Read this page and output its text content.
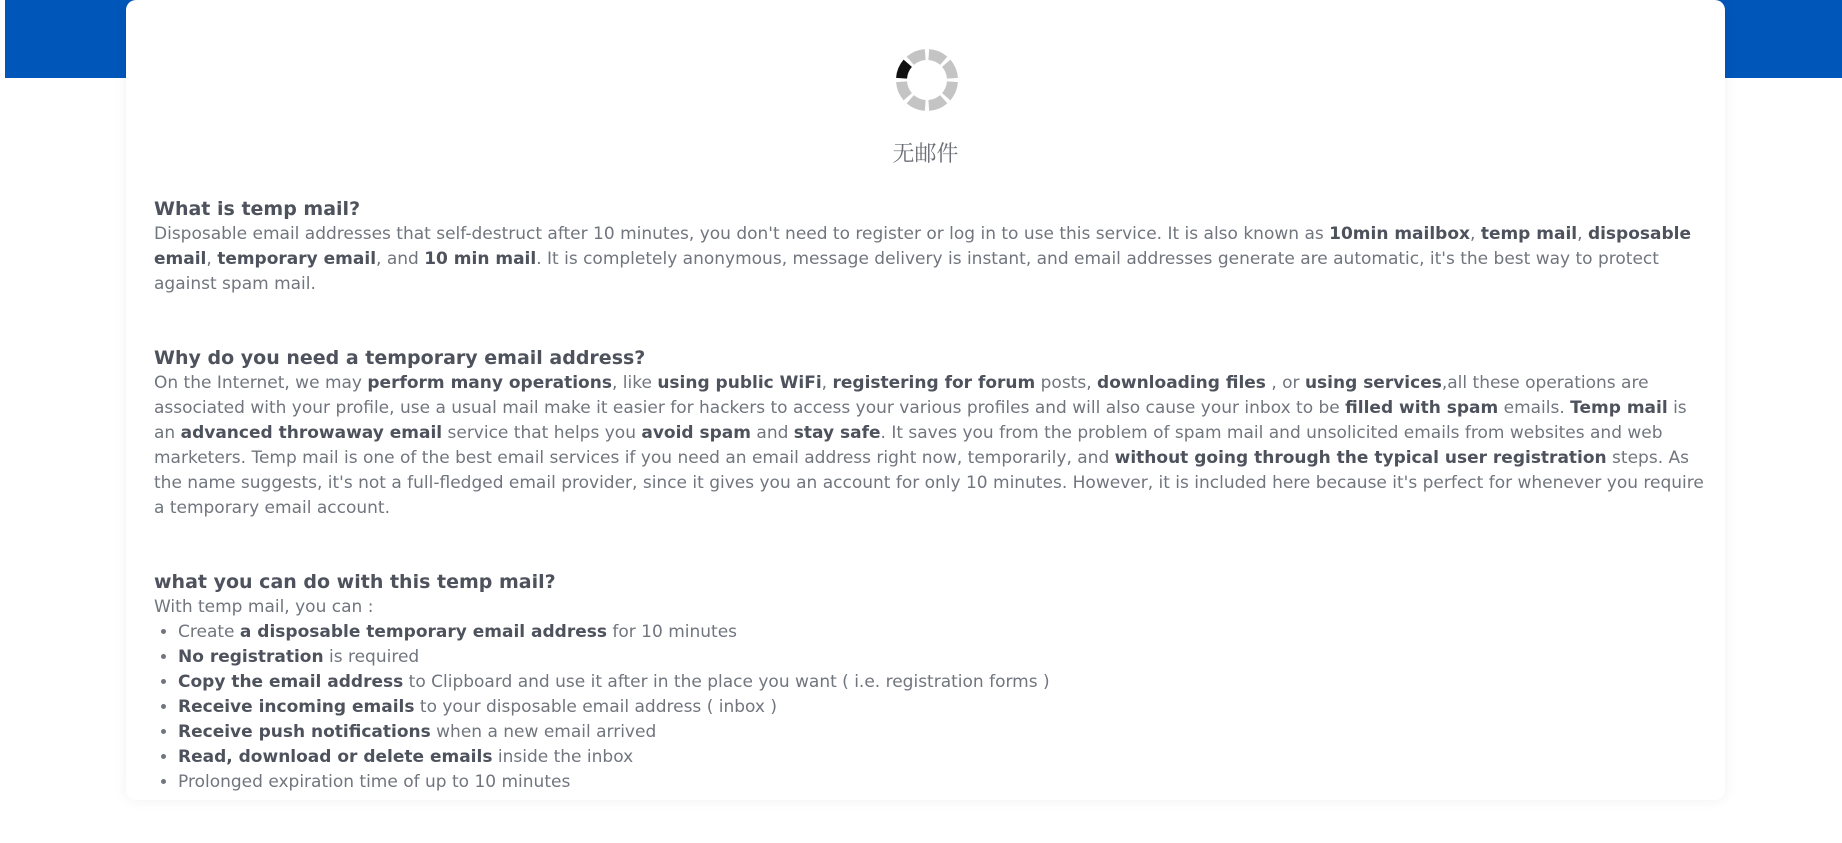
无邮件
What is temp mail?

Disposable email addresses that self-destruct after 10 minutes, you don't need to register or log in to use this service. It is also known as 10min mailbox, temp mail, disposable email, temporary email, and 10 min mail. It is completely anonymous, message delivery is instant, and email addresses generate are automatic, it's the best way to protect against spam mail.

Why do you need a temporary email address?

On the Internet, we may perform many operations, like using public WiFi, registering for forum posts, downloading files , or using services,all these operations are associated with your profile, use a usual mail make it easier for hackers to access your various profiles and will also cause your inbox to be filled with spam emails. Temp mail is an advanced throwaway email service that helps you avoid spam and stay safe. It saves you from the problem of spam mail and unsolicited emails from websites and web marketers. Temp mail is one of the best email services if you need an email address right now, temporarily, and without going through the typical user registration steps. As the name suggests, it's not a full-fledged email provider, since it gives you an account for only 10 minutes. However, it is included here because it's perfect for whenever you require a temporary email account.

what you can do with this temp mail?

With temp mail, you can :

• Create a disposable temporary email address for 10 minutes
• No registration is required
• Copy the email address to Clipboard and use it after in the place you want ( i.e. registration forms )
• Receive incoming emails to your disposable email address ( inbox )
• Receive push notifications when a new email arrived
• Read, download or delete emails inside the inbox
• Prolonged expiration time of up to 10 minutes
